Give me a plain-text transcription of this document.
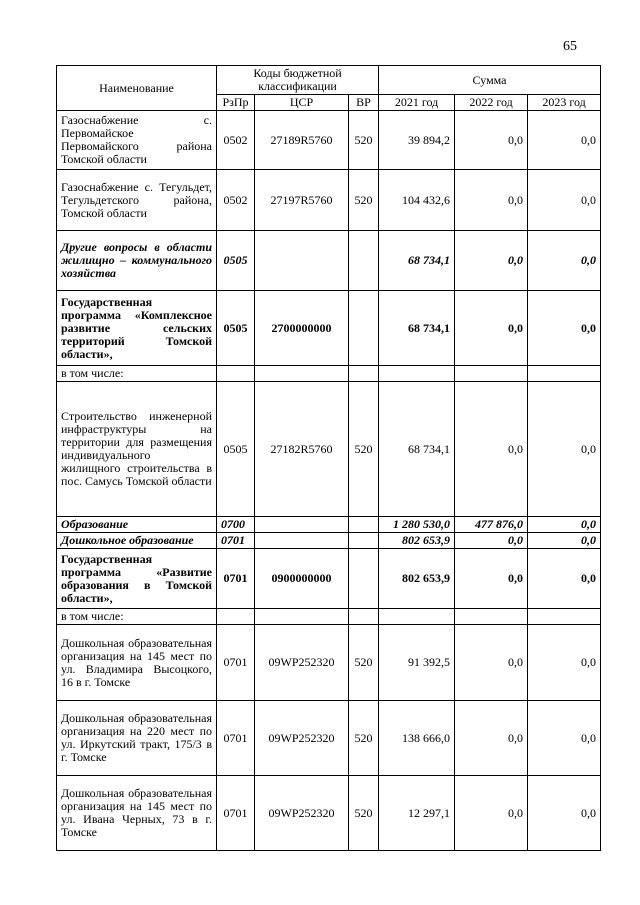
65
Наименование	Коды бюджетной классификации			Сумма		
	РзПр	ЦСР	ВР	2021 год	2022 год	2023 год
Газоснабжение с. Первомайское Первомайского района Томской области	0502	27189R5760	520	39 894,2	0,0	0,0
Газоснабжение с. Тегульдет, Тегульдетского района, Томской области	0502	27197R5760	520	104 432,6	0,0	0,0
Другие вопросы в области жилищно – коммунального хозяйства	0505			68 734,1	0,0	0,0
Государственная программа «Комплексное развитие сельских территорий Томской области»,	0505	2700000000		68 734,1	0,0	0,0
в том числе:						
Строительство инженерной инфраструктуры на территории для размещения индивидуального жилищного строительства в пос. Самусь Томской области	0505	27182R5760	520	68 734,1	0,0	0,0
Образование	0700			1 280 530,0	477 876,0	0,0
Дошкольное образование	0701			802 653,9	0,0	0,0
Государственная программа «Развитие образования в Томской области»,	0701	0900000000		802 653,9	0,0	0,0
в том числе:						
Дошкольная образовательная организация на 145 мест по ул. Владимира Высоцкого, 16 в г. Томске	0701	09WP252320	520	91 392,5	0,0	0,0
Дошкольная образовательная организация на 220 мест по ул. Иркутский тракт, 175/3 в г. Томске	0701	09WP252320	520	138 666,0	0,0	0,0
Дошкольная образовательная организация на 145 мест по ул. Ивана Черных, 73 в г. Томске	0701	09WP252320	520	12 297,1	0,0	0,0
